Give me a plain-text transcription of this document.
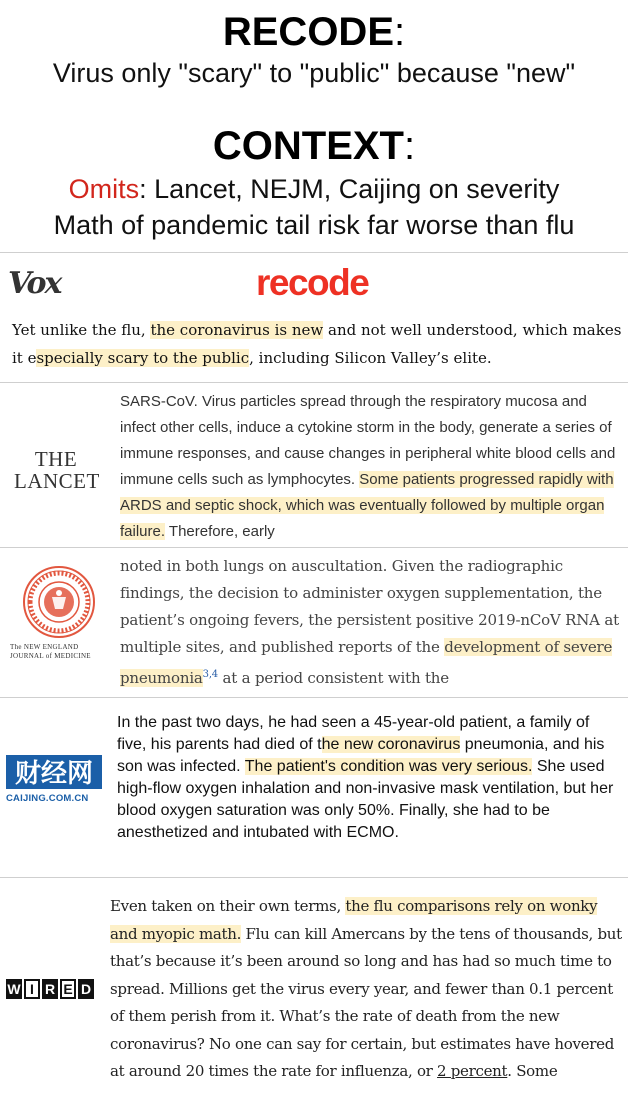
RECODE:
Virus only "scary" to "public" because "new"
CONTEXT:
Omits: Lancet, NEJM, Caijing on severity
Math of pandemic tail risk far worse than flu
Vox	recode
Yet unlike the flu, the coronavirus is new and not well understood, which makes it especially scary to the public, including Silicon Valley’s elite.
THE
LANCET
SARS-CoV. Virus particles spread through the respiratory mucosa and infect other cells, induce a cytokine storm in the body, generate a series of immune responses, and cause changes in peripheral white blood cells and immune cells such as lymphocytes. Some patients progressed rapidly with ARDS and septic shock, which was eventually followed by multiple organ failure. Therefore, early
The NEW ENGLAND
JOURNAL of MEDICINE
noted in both lungs on auscultation. Given the radiographic findings, the decision to administer oxygen supplementation, the patient’s ongoing fevers, the persistent positive 2019-nCoV RNA at multiple sites, and published reports of the development of severe pneumonia$^{3,4}$ at a period consistent with the
财经网
CAIJING.COM.CN
In the past two days, he had seen a 45-year-old patient, a family of five, his parents had died of the new coronavirus pneumonia, and his son was infected. The patient's condition was very serious. She used high-flow oxygen inhalation and non-invasive mask ventilation, but her blood oxygen saturation was only 50%. Finally, she had to be anesthetized and intubated with ECMO.
W I R E D
Even taken on their own terms, the flu comparisons rely on wonky and myopic math. Flu can kill Amercans by the tens of thousands, but that’s because it’s been around so long and has had so much time to spread. Millions get the virus every year, and fewer than 0.1 percent of them perish from it. What’s the rate of death from the new coronavirus? No one can say for certain, but estimates have hovered at around 20 times the rate for influenza, or 2 percent. Some
